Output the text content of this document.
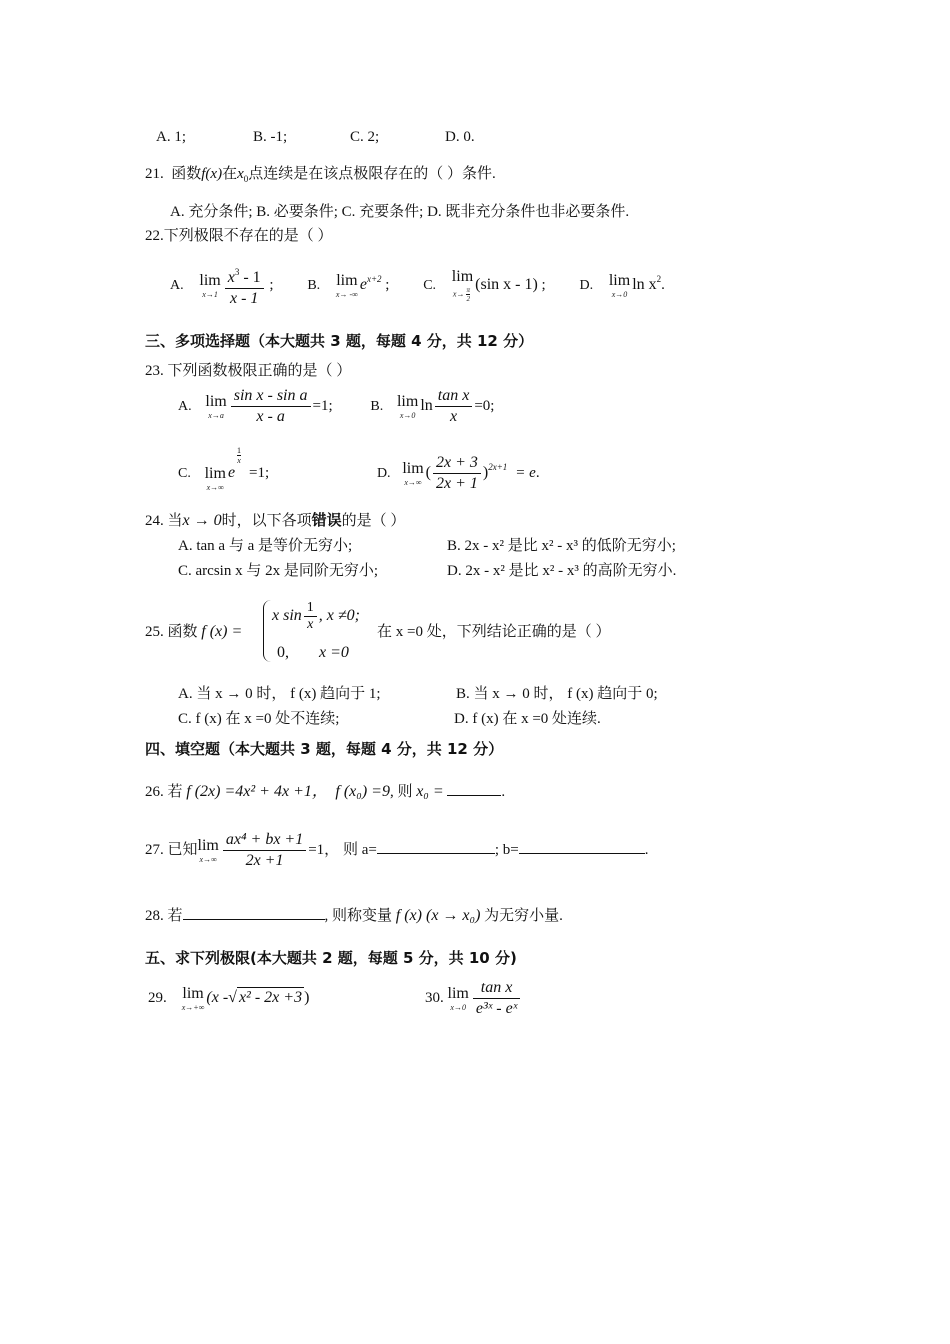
A. 1;	B. -1;	C. 2;	D. 0.
21. 函数f(x)在$x_0$点连续是在该点极限存在的（ ）条件.
A. 充分条件; B. 必要条件; C. 充要条件; D. 既非充分条件也非必要条件.
22.下列极限不存在的是（ ）
A. lim
$x\to 1 \frac{x^3 - 1}{x - 1}$ ; B. lim
x→ -∞
$e^{x+2}$ ; C.
lim
$x\to \frac{\pi}{2}$
(sin x - 1) ; D. lim
x→0
$\ln x^2$.
三、多项选择题（本大题共 3 题，每题 4 分，共 12 分）
23. 下列函数极限正确的是（ ）
A. lim
$x\to a \frac{\text{sin x - sin a}}{x - a} =1$;	B. lim
x→0
$\ln \frac{\text{tan x}}{x} =0$;
C. lim
x→∞
e
$\frac{1}{x}$
=1;	D. lim
x→∞
( $\frac{2x + 3}{2x + 1} )^{2x+1} = e$.
24. 当x → 0时，以下各项错误的是（ ）
A. tan a 与 a 是等价无穷小;	B. 2x - x² 是比 x² - x³ 的低阶无穷小;
C. arcsin x 与 2x 是同阶无穷小;	D. 2x - x² 是比 x² - x³ 的高阶无穷小.
25. 函数 f (x) =
x $\sin \frac{1}{x}$ , x ≠0;
0, x =0
在 x =0 处，下列结论正确的是（ ）
A. 当 x → 0 时， f (x) 趋向于 1;	B. 当 x → 0 时， f (x) 趋向于 0;
C. f (x) 在 x =0 处不连续;	D. f (x) 在 x =0 处连续.
四、填空题（本大题共 3 题，每题 4 分，共 12 分）
26. 若 f (2x) =4x² + 4x +1， f (x₀) =9, 则 x₀ =	.
27. 已知 lim
$x\to\infty \frac{\text{ax⁴ + bx +1}}{2x +1} =1$， 则 a=	; b=	.
28. 若	, 则称变量 f (x) (x → x₀) 为无穷小量.
五、求下列极限(本大题共 2 题，每题 5 分，共 10 分)
29. lim
x→+∞
(x -√ x² - 2x +3 )	30. lim
$x\to 0 \frac{\text{tan x}}{\text{e³ˣ - eˣ}}$
